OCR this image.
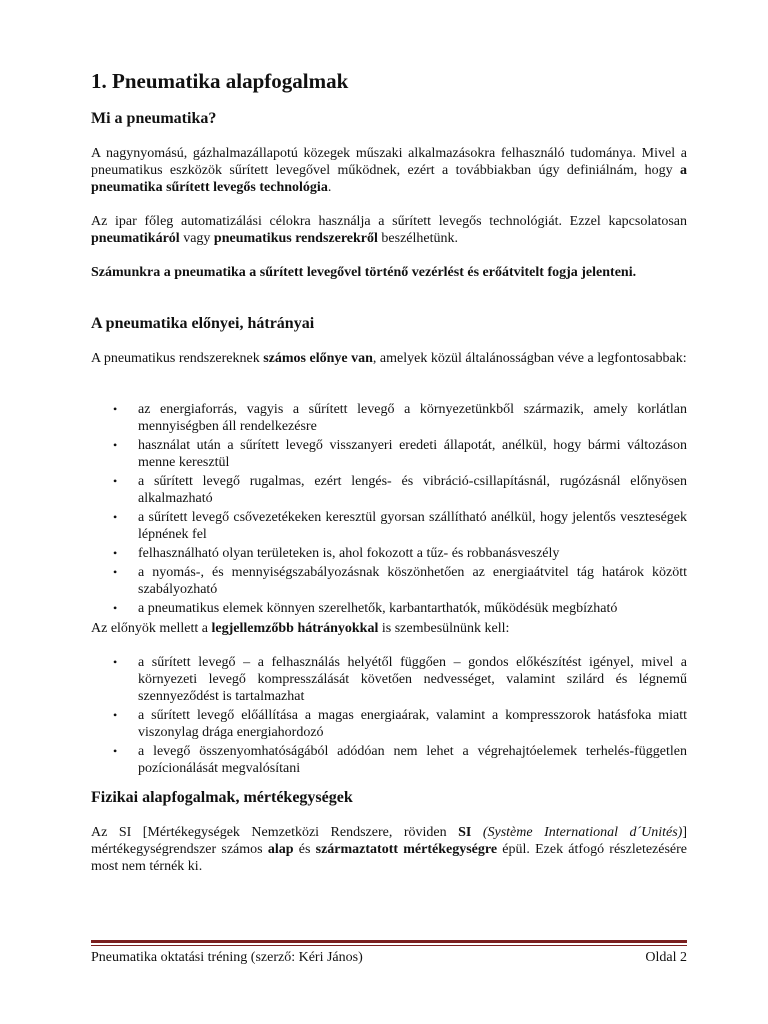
1. Pneumatika alapfogalmak
Mi a pneumatika?

A nagynyomású, gázhalmazállapotú közegek műszaki alkalmazásokra felhasználó tudománya. Mivel a pneumatikus eszközök sűrített levegővel működnek, ezért a továbbiakban úgy definiálnám, hogy a pneumatika sűrített levegős technológia.

Az ipar főleg automatizálási célokra használja a sűrített levegős technológiát. Ezzel kapcsolatosan pneumatikáról vagy pneumatikus rendszerekről beszélhetünk.

Számunkra a pneumatika a sűrített levegővel történő vezérlést és erőátvitelt fogja jelenteni.

A pneumatika előnyei, hátrányai

A pneumatikus rendszereknek számos előnye van, amelyek közül általánosságban véve a legfontosabbak:

• az energiaforrás, vagyis a sűrített levegő a környezetünkből származik, amely korlátlan mennyiségben áll rendelkezésre
• használat után a sűrített levegő visszanyeri eredeti állapotát, anélkül, hogy bármi változáson menne keresztül
• a sűrített levegő rugalmas, ezért lengés- és vibráció-csillapításnál, rugózásnál előnyösen alkalmazható
• a sűrített levegő csővezetékeken keresztül gyorsan szállítható anélkül, hogy jelentős veszteségek lépnének fel
• felhasználható olyan területeken is, ahol fokozott a tűz- és robbanásveszély
• a nyomás-, és mennyiségszabályozásnak köszönhetően az energiaátvitel tág határok között szabályozható
• a pneumatikus elemek könnyen szerelhetők, karbantarthatók, működésük megbízható

Az előnyök mellett a legjellemzőbb hátrányokkal is szembesülnünk kell:

• a sűrített levegő – a felhasználás helyétől függően – gondos előkészítést igényel, mivel a környezeti levegő kompresszálását követően nedvességet, valamint szilárd és légnemű szennyeződést is tartalmazhat
• a sűrített levegő előállítása a magas energiaárak, valamint a kompresszorok hatásfoka miatt viszonylag drága energiahordozó
• a levegő összenyomhatóságából adódóan nem lehet a végrehajtóelemek terhelés-független pozícionálását megvalósítani
Fizikai alapfogalmak, mértékegységek

Az SI [Mértékegységek Nemzetközi Rendszere, röviden SI (Système International d´Unités)] mértékegységrendszer számos alap és származtatott mértékegységre épül. Ezek átfogó részletezésére most nem térnék ki.

Pneumatika oktatási tréning (szerző: Kéri János)	Oldal 2
